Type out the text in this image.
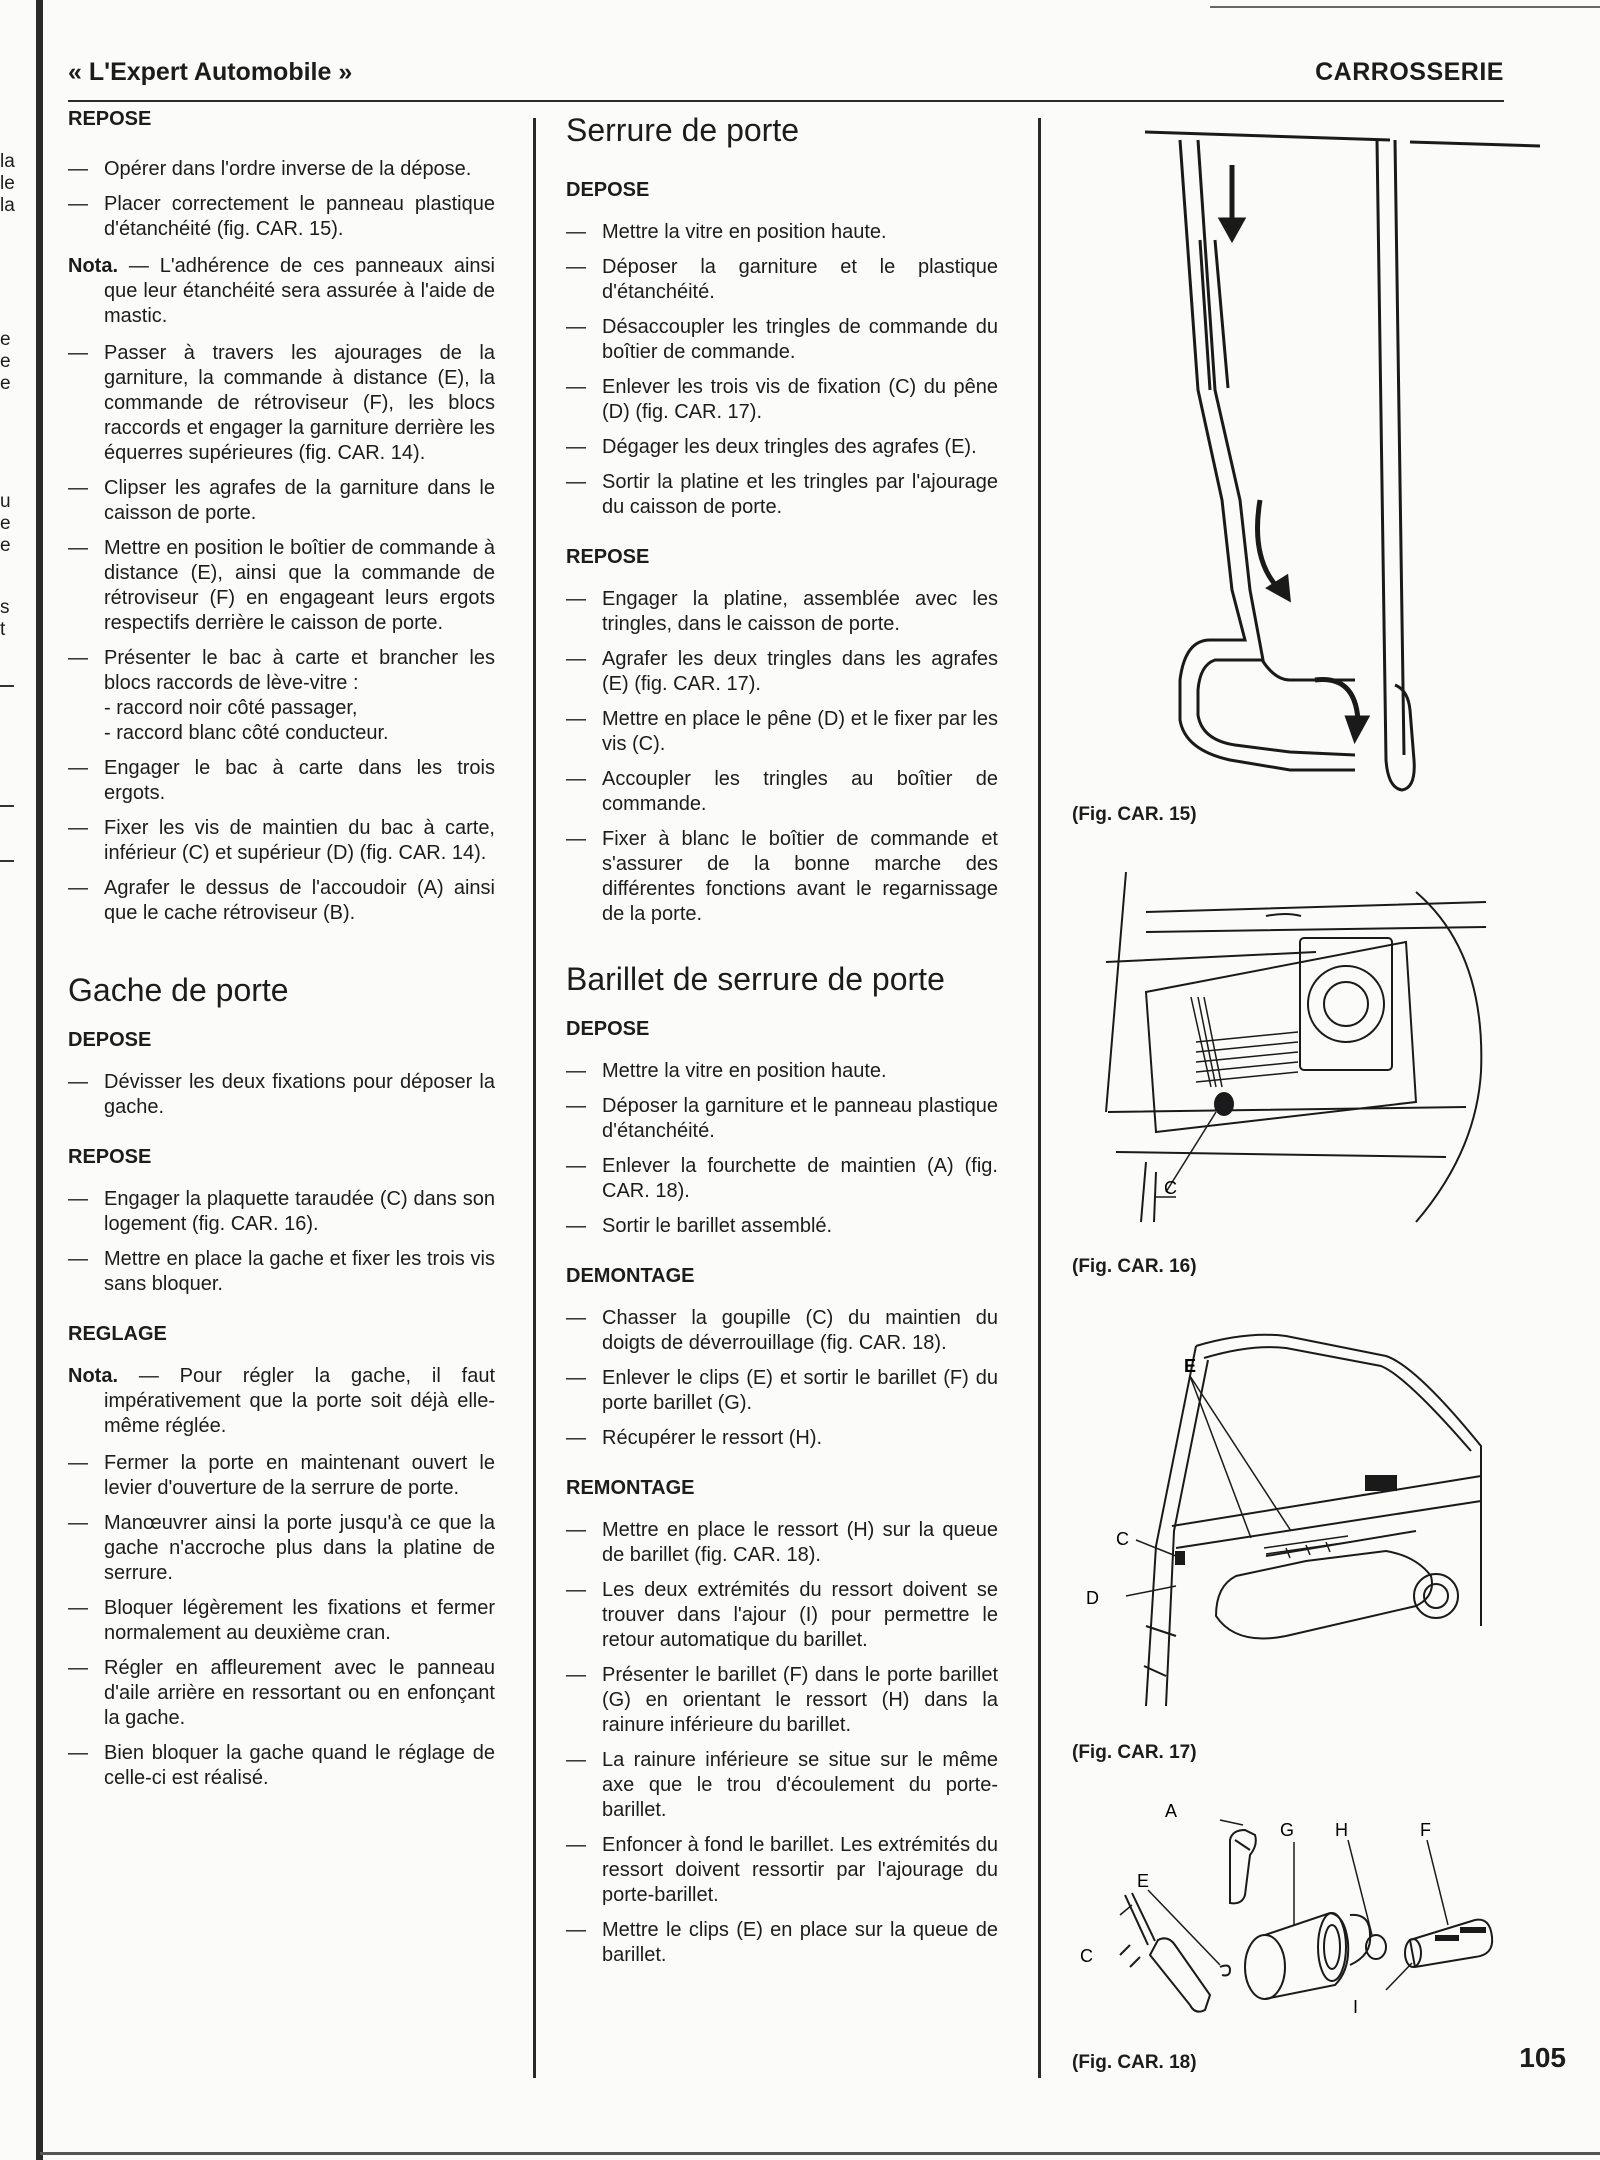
la
le
la
e
e
e
u
e
e
s
t
« L'Expert Automobile »	CARROSSERIE
REPOSE
— Opérer dans l'ordre inverse de la dépose.
— Placer correctement le panneau plastique d'étanchéité (fig. CAR. 15).

Nota. — L'adhérence de ces panneaux ainsi que leur étanchéité sera assurée à l'aide de mastic.

— Passer à travers les ajourages de la garniture, la commande à distance (E), la commande de rétroviseur (F), les blocs raccords et engager la garniture derrière les équerres supérieures (fig. CAR. 14).
— Clipser les agrafes de la garniture dans le caisson de porte.
— Mettre en position le boîtier de commande à distance (E), ainsi que la commande de rétroviseur (F) en engageant leurs ergots respectifs derrière le caisson de porte.
— Présenter le bac à carte et brancher les blocs raccords de lève-vitre :
- raccord noir côté passager,
- raccord blanc côté conducteur.
— Engager le bac à carte dans les trois ergots.
— Fixer les vis de maintien du bac à carte, inférieur (C) et supérieur (D) (fig. CAR. 14).
— Agrafer le dessus de l'accoudoir (A) ainsi que le cache rétroviseur (B).
Gache de porte
DEPOSE
— Dévisser les deux fixations pour déposer la gache.
REPOSE
— Engager la plaquette taraudée (C) dans son logement (fig. CAR. 16).
— Mettre en place la gache et fixer les trois vis sans bloquer.
REGLAGE

Nota. — Pour régler la gache, il faut impérativement que la porte soit déjà elle-même réglée.

— Fermer la porte en maintenant ouvert le levier d'ouverture de la serrure de porte.
— Manœuvrer ainsi la porte jusqu'à ce que la gache n'accroche plus dans la platine de serrure.
— Bloquer légèrement les fixations et fermer normalement au deuxième cran.
— Régler en affleurement avec le panneau d'aile arrière en ressortant ou en enfonçant la gache.
— Bien bloquer la gache quand le réglage de celle-ci est réalisé.
Serrure de porte
DEPOSE
— Mettre la vitre en position haute.
— Déposer la garniture et le plastique d'étanchéité.
— Désaccoupler les tringles de commande du boîtier de commande.
— Enlever les trois vis de fixation (C) du pêne (D) (fig. CAR. 17).
— Dégager les deux tringles des agrafes (E).
— Sortir la platine et les tringles par l'ajourage du caisson de porte.
REPOSE
— Engager la platine, assemblée avec les tringles, dans le caisson de porte.
— Agrafer les deux tringles dans les agrafes (E) (fig. CAR. 17).
— Mettre en place le pêne (D) et le fixer par les vis (C).
— Accoupler les tringles au boîtier de commande.
— Fixer à blanc le boîtier de commande et s'assurer de la bonne marche des différentes fonctions avant le regarnissage de la porte.
Barillet de serrure de porte
DEPOSE
— Mettre la vitre en position haute.
— Déposer la garniture et le panneau plastique d'étanchéité.
— Enlever la fourchette de maintien (A) (fig. CAR. 18).
— Sortir le barillet assemblé.
DEMONTAGE
— Chasser la goupille (C) du maintien du doigts de déverrouillage (fig. CAR. 18).
— Enlever le clips (E) et sortir le barillet (F) du porte barillet (G).
— Récupérer le ressort (H).
REMONTAGE
— Mettre en place le ressort (H) sur la queue de barillet (fig. CAR. 18).
— Les deux extrémités du ressort doivent se trouver dans l'ajour (I) pour permettre le retour automatique du barillet.
— Présenter le barillet (F) dans le porte barillet (G) en orientant le ressort (H) dans la rainure inférieure du barillet.
— La rainure inférieure se situe sur le même axe que le trou d'écoulement du porte-barillet.
— Enfoncer à fond le barillet. Les extrémités du ressort doivent ressortir par l'ajourage du porte-barillet.
— Mettre le clips (E) en place sur la queue de barillet.
(Fig. CAR. 15)
C
(Fig. CAR. 16)
E
C
D
(Fig. CAR. 17)
A
G H	F
E
C
I
(Fig. CAR. 18)	105
